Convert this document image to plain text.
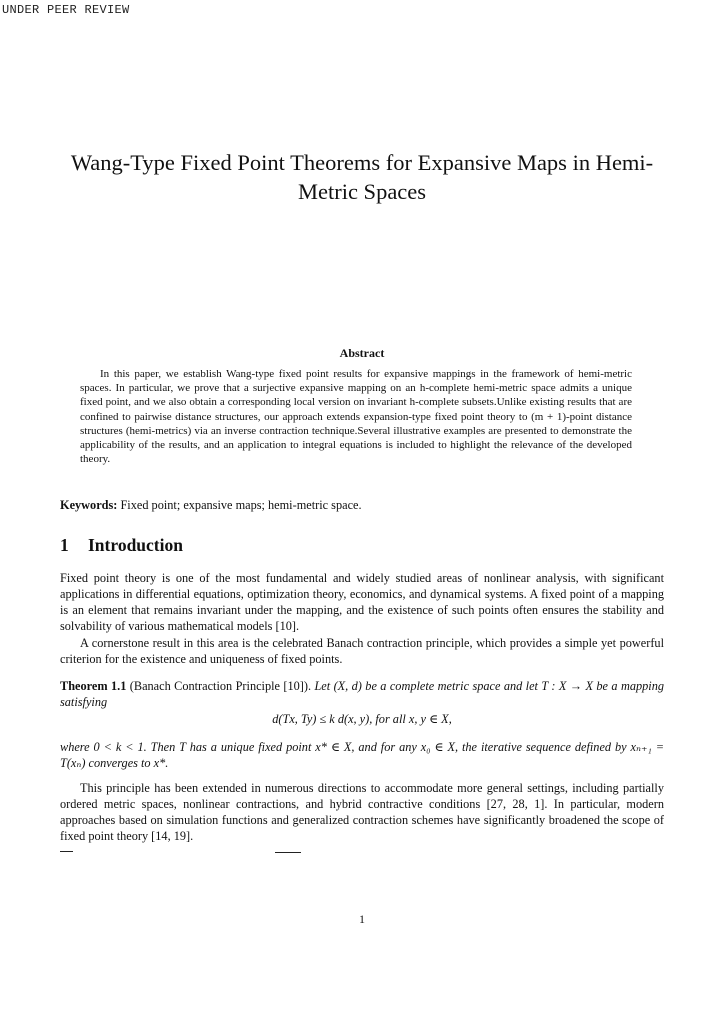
UNDER PEER REVIEW
Wang-Type Fixed Point Theorems for Expansive Maps in Hemi-Metric Spaces
Abstract

In this paper, we establish Wang-type fixed point results for expansive mappings in the framework of hemi-metric spaces. In particular, we prove that a surjective expansive mapping on an h-complete hemi-metric space admits a unique fixed point, and we also obtain a corresponding local version on invariant h-complete subsets.Unlike existing results that are confined to pairwise distance structures, our approach extends expansion-type fixed point theory to (m + 1)-point distance structures (hemi-metrics) via an inverse contraction technique.Several illustrative examples are presented to demonstrate the applicability of the results, and an application to integral equations is included to highlight the relevance of the developed theory.

Keywords: Fixed point; expansive maps; hemi-metric space.

1 Introduction

Fixed point theory is one of the most fundamental and widely studied areas of nonlinear analysis, with significant applications in differential equations, optimization theory, economics, and dynamical systems. A fixed point of a mapping is an element that remains invariant under the mapping, and the existence of such points often ensures the stability and solvability of various mathematical models [10].

A cornerstone result in this area is the celebrated Banach contraction principle, which provides a simple yet powerful criterion for the existence and uniqueness of fixed points.

Theorem 1.1 (Banach Contraction Principle [10]). Let (X, d) be a complete metric space and let T : X → X be a mapping satisfying

d(Tx, Ty) ≤ k d(x, y), for all x, y ∈ X,

where 0 < k < 1. Then T has a unique fixed point x* ∈ X, and for any x₀ ∈ X, the iterative sequence defined by xₙ₊₁ = T(xₙ) converges to x*.

This principle has been extended in numerous directions to accommodate more general settings, including partially ordered metric spaces, nonlinear contractions, and hybrid contractive conditions [27, 28, 1]. In particular, modern approaches based on simulation functions and generalized contraction schemes have significantly broadened the scope of fixed point theory [14, 19].

1
